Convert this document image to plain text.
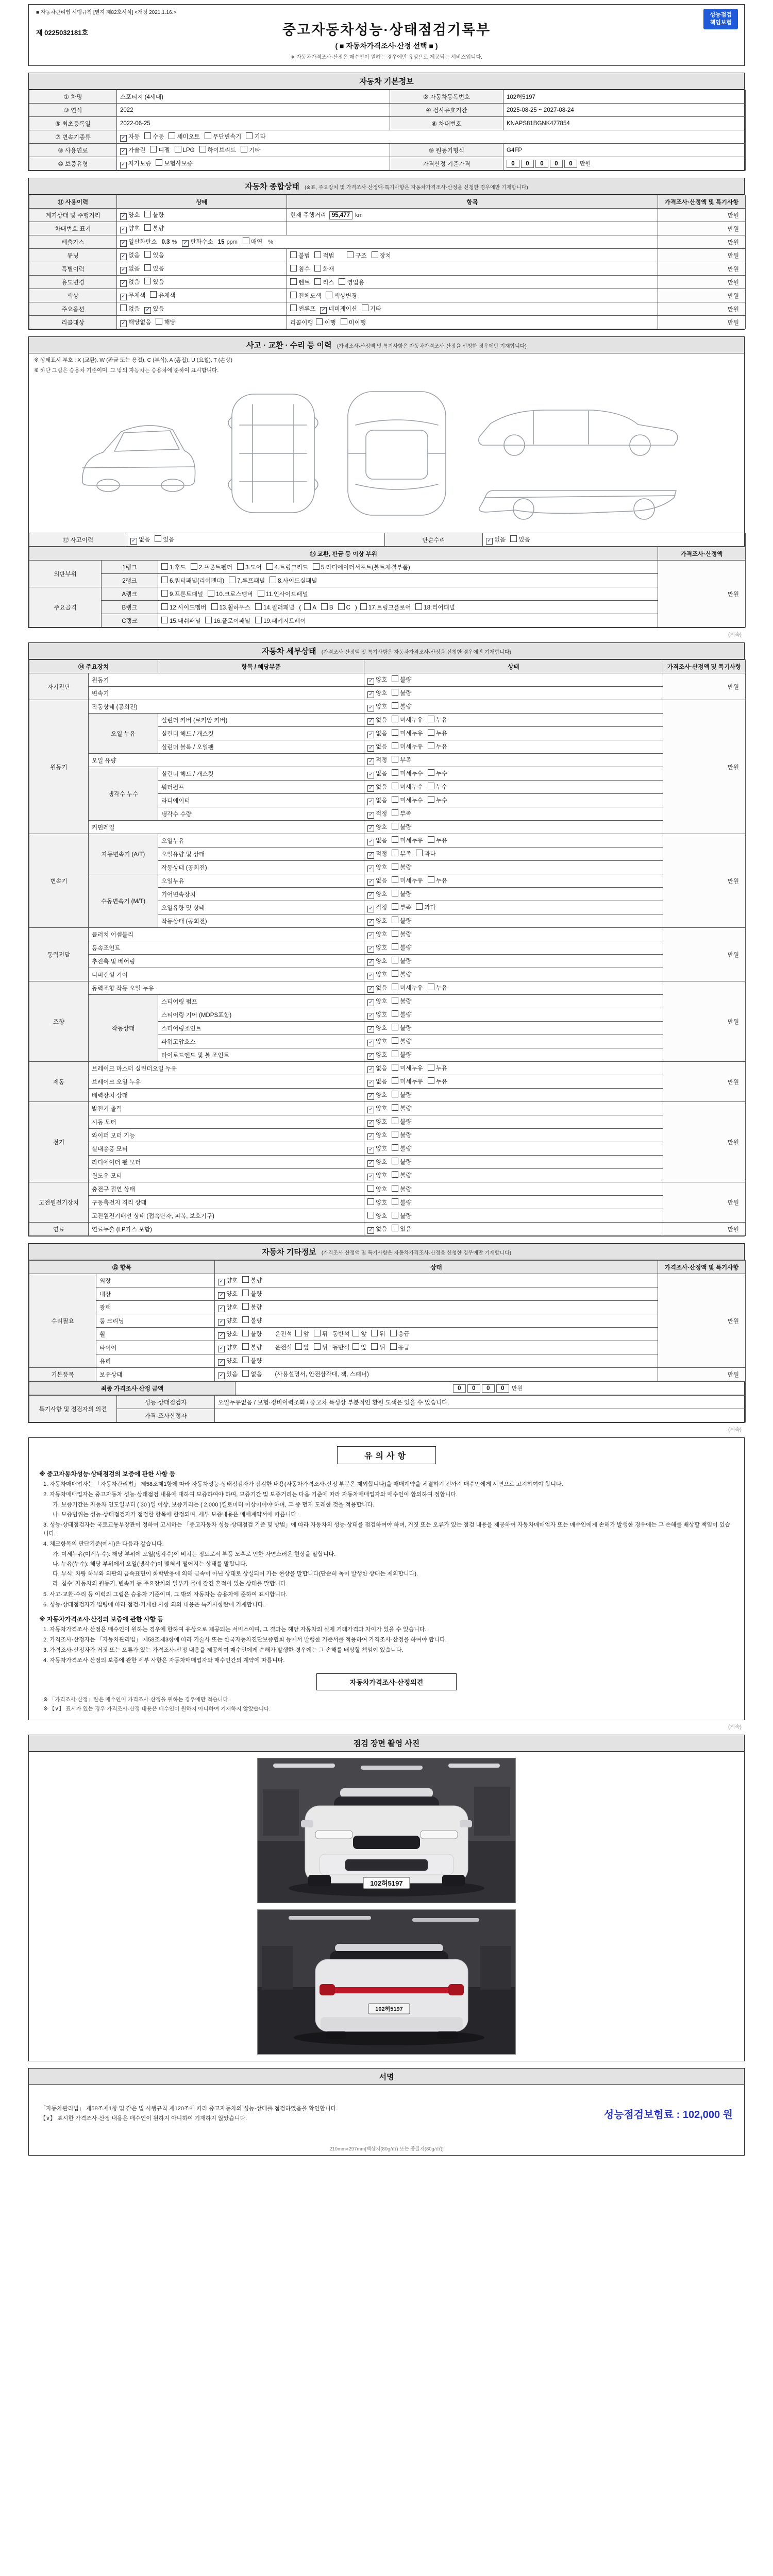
■ 자동차관리법 시행규칙 [별지 제82호서식] <개정 2021.1.16.>	성능점검
책임보험
제 0225032181호	중고자동차성능·상태점검기록부
( ■ 자동차가격조사·산정 선택 ■ )
※ 자동차가격조사·산정은 매수인이 원하는 경우에만 유상으로 제공되는 서비스입니다.
자동차 기본정보
① 차명	스포티지 (4세대)	② 자동차등록번호	102허5197
③ 연식	2022	④ 검사유효기간	2025-08-25 ~ 2027-08-24
⑤ 최초등록일	2022-06-25	⑥ 차대번호	KNAPS81BGNK477854
⑦ 변속기종류	✓ 자동 수동 세미오토 무단변속기 기타		
⑧ 사용연료	✓ 가솔린 디젤 LPG 하이브리드 기타	⑨ 원동기형식	G4FP
⑩ 보증유형	✓ 자가보증 보험사보증	가격산정 기준가격	0 0 0 0 0 만원
자동차 종합상태 (※표, 주요장치 및 가격조사·산정액·특기사항은 자동차가격조사·산정을 신청한 경우에만 기재합니다)
⑪ 사용이력	상태	항목	가격조사·산정액 및 특기사항
계기상태 및 주행거리	✓ 양호 불량	현재 주행거리 95,477 km	만원
차대번호 표기	✓ 양호 불량		만원
배출가스	✓ 일산화탄소 0.3 % ✓ 탄화수소 15 ppm 매연 %		만원
튜닝	✓ 없음 있음	불법 적법 구조 장치	만원
특별이력	✓ 없음 있음	침수 화재	만원
용도변경	✓ 없음 있음	렌트 리스 영업용	만원
색상	✓ 무채색 유채색	전체도색 색상변경	만원
주요옵션	없음 ✓ 있음	썬루프 ✓ 네비게이션 기타	만원
리콜대상	✓ 해당없음 해당	리콜이행 이행 미이행	만원
사고 · 교환 · 수리 등 이력 (가격조사·산정액 및 특기사항은 자동차가격조사·산정을 신청한 경우에만 기재합니다)
※ 상태표시 부호 : X (교환), W (판금 또는 용접), C (부식), A (흠집), U (요철), T (손상)
※ 하단 그림은 승용차 기준이며, 그 밖의 자동차는 승용차에 준하여 표시합니다.
⑫ 사고이력	✓ 없음 있음	단순수리	✓ 없음 있음
⑬ 교환, 판금 등 이상 부위			가격조사·산정액
외판부위	1랭크	1.후드 2.프론트펜더 3.도어 4.트렁크리드 5.라디에이터서포트(볼트체결부품)	만원
	2랭크	6.쿼터패널(리어펜더) 7.루프패널 8.사이드실패널	
주요골격	A랭크	9.프론트패널 10.크로스멤버 11.인사이드패널	
	B랭크	12.사이드멤버 13.휠하우스 14.필러패널 ( A B C ) 17.트렁크플로어 18.리어패널	
	C랭크	15.대쉬패널 16.플로어패널 19.패키지트레이	
(계속)
자동차 세부상태 (가격조사·산정액 및 특기사항은 자동차가격조사·산정을 신청한 경우에만 기재합니다)
⑭ 주요장치		항목 / 해당부품	상태	가격조사·산정액 및 특기사항
자기진단	원동기		✓ 양호 불량	만원
	변속기		✓ 양호 불량	
원동기	작동상태 (공회전)		✓ 양호 불량	만원
	오일 누유	실린더 커버 (로커암 커버)	✓ 없음 미세누유 누유	
		실린더 헤드 / 개스킷	✓ 없음 미세누유 누유	
		실린더 블록 / 오일팬	✓ 없음 미세누유 누유	
	오일 유량		✓ 적정 부족	
	냉각수 누수	실린더 헤드 / 개스킷	✓ 없음 미세누수 누수	
		워터펌프	✓ 없음 미세누수 누수	
		라디에이터	✓ 없음 미세누수 누수	
		냉각수 수량	✓ 적정 부족	
	커먼레일		✓ 양호 불량	
변속기	자동변속기 (A/T)	오일누유	✓ 없음 미세누유 누유	만원
		오일유량 및 상태	✓ 적정 부족 과다	
		작동상태 (공회전)	✓ 양호 불량	
	수동변속기 (M/T)	오일누유	✓ 없음 미세누유 누유	
		기어변속장치	✓ 양호 불량	
		오일유량 및 상태	✓ 적정 부족 과다	
		작동상태 (공회전)	✓ 양호 불량	
동력전달	클러치 어셈블리		✓ 양호 불량	만원
	등속조인트		✓ 양호 불량	
	추진축 및 베어링		✓ 양호 불량	
	디퍼렌셜 기어		✓ 양호 불량	
조향	동력조향 작동 오일 누유		✓ 없음 미세누유 누유	만원
	작동상태	스티어링 펌프	✓ 양호 불량	
		스티어링 기어 (MDPS포함)	✓ 양호 불량	
		스티어링조인트	✓ 양호 불량	
		파워고압호스	✓ 양호 불량	
		타이로드엔드 및 볼 조인트	✓ 양호 불량	
제동	브레이크 마스터 실린더오일 누유		✓ 없음 미세누유 누유	만원
	브레이크 오일 누유		✓ 없음 미세누유 누유	
	배력장치 상태		✓ 양호 불량	
전기	발전기 출력		✓ 양호 불량	만원
	시동 모터		✓ 양호 불량	
	와이퍼 모터 기능		✓ 양호 불량	
	실내송풍 모터		✓ 양호 불량	
	라디에이터 팬 모터		✓ 양호 불량	
	윈도우 모터		✓ 양호 불량	
고전원전기장치	충전구 절연 상태		양호 불량	만원
	구동축전지 격리 상태		양호 불량	
	고전원전기배선 상태 (접속단자, 피복, 보호기구)		양호 불량	
연료	연료누출 (LP가스 포함)		✓ 없음 있음	만원
자동차 기타정보 (가격조사·산정액 및 특기사항은 자동차가격조사·산정을 신청한 경우에만 기재합니다)
⑮ 항목		상태	가격조사·산정액 및 특기사항
수리필요	외장	✓ 양호 불량	만원
	내장	✓ 양호 불량	
	광택	✓ 양호 불량	
	룸 크리닝	✓ 양호 불량	
	휠	✓ 양호 불량 운전석 앞 뒤 동반석 앞 뒤 응급	
	타이어	✓ 양호 불량 운전석 앞 뒤 동반석 앞 뒤 응급	
	유리	✓ 양호 불량	
기본품목	보유상태	✓ 있음 없음 (사용설명서, 안전삼각대, 잭, 스패너)	만원
최종 가격조사·산정 금액	0 0 0 0 만원
특기사항 및 점검자의 의견	성능·상태점검자	오일누유없음 / 보험·정비이력조회 / 중고차 특성상 부분적인 환원 도색은 있을 수 있습니다.
	가격·조사산정자	
(계속)
유의사항
※ 중고자동차성능·상태점검의 보증에 관한 사항 등
1. 자동차매매업자는 「자동차관리법」 제58조제1항에 따라 자동차성능·상태점검자가 점검한 내용(자동차가격조사·산정 부분은 제외합니다)을 매매계약을 체결하기 전까지 매수인에게 서면으로 고지하여야 합니다.
2. 자동차매매업자는 중고자동차 성능·상태점검 내용에 대하여 보증하여야 하며, 보증기간 및 보증거리는 다음 기준에 따라 자동차매매업자와 매수인이 합의하여 정합니다.
가. 보증기간은 자동차 인도일부터 ( 30 )일 이상, 보증거리는 ( 2,000 )킬로미터 이상이어야 하며, 그 중 먼저 도래한 것을 적용합니다.
나. 보증범위는 성능·상태점검자가 점검한 항목에 한정되며, 세부 보증내용은 매매계약서에 따릅니다.
3. 성능·상태점검자는 국토교통부장관이 정하여 고시하는 「중고자동차 성능·상태점검 기준 및 방법」에 따라 자동차의 성능·상태를 점검하여야 하며, 거짓 또는 오류가 있는 점검 내용을 제공하여 자동차매매업자 또는 매수인에게 손해가 발생한 경우에는 그 손해를 배상할 책임이 있습니다.
4. 체크항목의 판단기준(예시)은 다음과 같습니다.
가. 미세누유(미세누수): 해당 부위에 오일(냉각수)이 비치는 정도로서 부품 노후로 인한 자연스러운 현상을 말합니다.
나. 누유(누수): 해당 부위에서 오일(냉각수)이 맺혀서 떨어지는 상태를 말합니다.
다. 부식: 차량 하부와 외판의 금속표면이 화학반응에 의해 금속이 아닌 상태로 상실되어 가는 현상을 말합니다(단순히 녹이 발생한 상태는 제외합니다).
라. 침수: 자동차의 원동기, 변속기 등 주요장치의 일부가 물에 잠긴 흔적이 있는 상태를 말합니다.
5. 사고·교환·수리 등 이력의 그림은 승용차 기준이며, 그 밖의 자동차는 승용차에 준하여 표시합니다.
6. 성능·상태점검자가 법령에 따라 점검·기재한 사항 외의 내용은 특기사항란에 기재합니다.
※ 자동차가격조사·산정의 보증에 관한 사항 등
1. 자동차가격조사·산정은 매수인이 원하는 경우에 한하여 유상으로 제공되는 서비스이며, 그 결과는 해당 자동차의 실제 거래가격과 차이가 있을 수 있습니다.
2. 가격조사·산정자는 「자동차관리법」 제58조제3항에 따라 기술사 또는 한국자동차진단보증협회 등에서 발행한 기준서를 적용하여 가격조사·산정을 하여야 합니다.
3. 가격조사·산정자가 거짓 또는 오류가 있는 가격조사·산정 내용을 제공하여 매수인에게 손해가 발생한 경우에는 그 손해를 배상할 책임이 있습니다.
4. 자동차가격조사·산정의 보증에 관한 세부 사항은 자동차매매업자와 매수인간의 계약에 따릅니다.
자동차가격조사·산정의견
※ 「가격조사·산정」란은 매수인이 가격조사·산정을 원하는 경우에만 적습니다.
※ 【∨】 표시가 있는 경우 가격조사·산정 내용은 매수인이 원하지 아니하여 기재하지 않았습니다.
(계속)
점검 장면 촬영 사진
102허5197
102허5197
서명
「자동차관리법」 제58조제1항 및 같은 법 시행규칙 제120조에 따라 중고자동차의 성능·상태를 점검하였음을 확인합니다.
【∨】 표시한 가격조사·산정 내용은 매수인이 원하지 아니하여 기재하지 않았습니다.	성능점검보험료 : 102,000 원
210mm×297mm[백상지(80g/㎡) 또는 중질지(80g/㎡)]
